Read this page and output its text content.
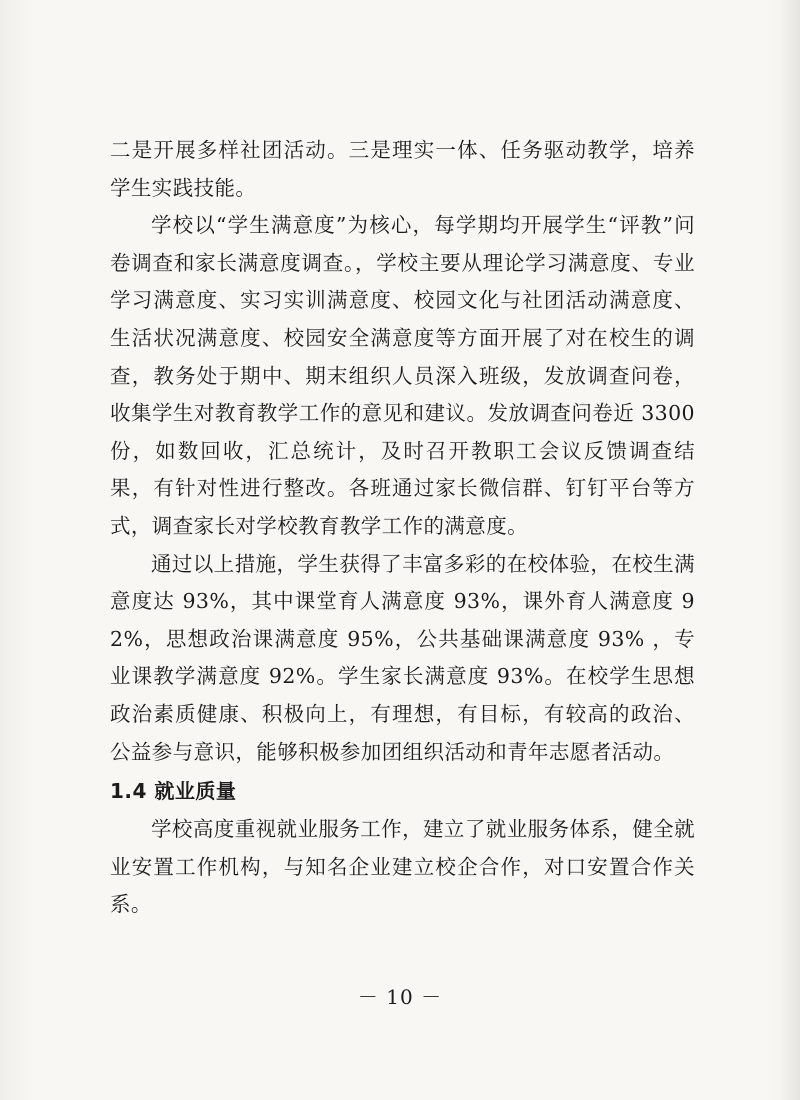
二是开展多样社团活动。三是理实一体、任务驱动教学，培养学生实践技能。

学校以“学生满意度”为核心，每学期均开展学生“评教”问卷调查和家长满意度调查。，学校主要从理论学习满意度、专业学习满意度、实习实训满意度、校园文化与社团活动满意度、生活状况满意度、校园安全满意度等方面开展了对在校生的调查，教务处于期中、期末组织人员深入班级，发放调查问卷，收集学生对教育教学工作的意见和建议。发放调查问卷近 3300 份，如数回收，汇总统计，及时召开教职工会议反馈调查结果，有针对性进行整改。各班通过家长微信群、钉钉平台等方式，调查家长对学校教育教学工作的满意度。

通过以上措施，学生获得了丰富多彩的在校体验，在校生满意度达 93%，其中课堂育人满意度 93%，课外育人满意度 92%，思想政治课满意度 95%，公共基础课满意度 93% ，专业课教学满意度 92%。学生家长满意度 93%。在校学生思想政治素质健康、积极向上，有理想，有目标，有较高的政治、公益参与意识，能够积极参加团组织活动和青年志愿者活动。

1.4 就业质量

学校高度重视就业服务工作，建立了就业服务体系，健全就业安置工作机构，与知名企业建立校企合作，对口安置合作关系。

－ 10 －
